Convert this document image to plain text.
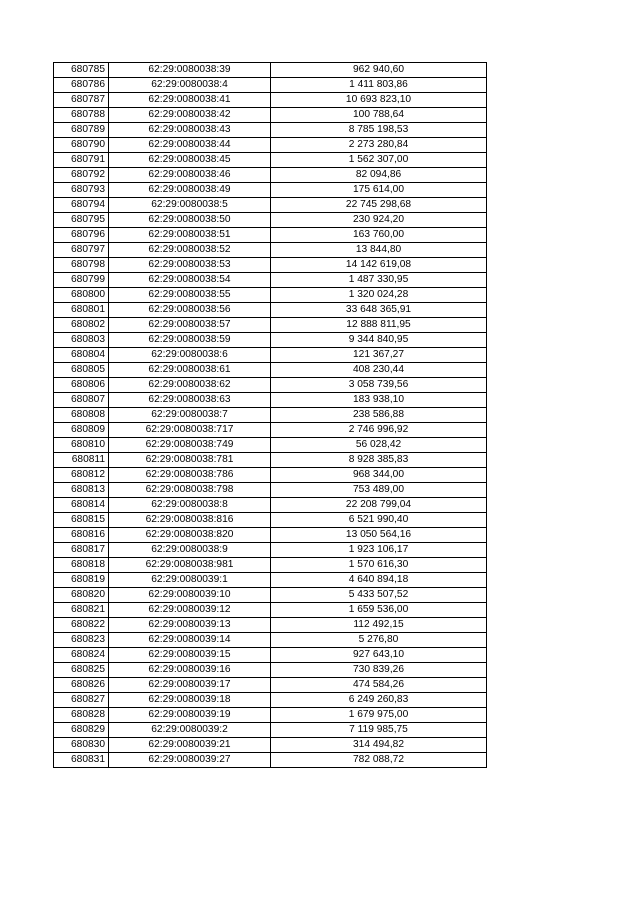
680785	62:29:0080038:39	962 940,60
680786	62:29:0080038:4	1 411 803,86
680787	62:29:0080038:41	10 693 823,10
680788	62:29:0080038:42	100 788,64
680789	62:29:0080038:43	8 785 198,53
680790	62:29:0080038:44	2 273 280,84
680791	62:29:0080038:45	1 562 307,00
680792	62:29:0080038:46	82 094,86
680793	62:29:0080038:49	175 614,00
680794	62:29:0080038:5	22 745 298,68
680795	62:29:0080038:50	230 924,20
680796	62:29:0080038:51	163 760,00
680797	62:29:0080038:52	13 844,80
680798	62:29:0080038:53	14 142 619,08
680799	62:29:0080038:54	1 487 330,95
680800	62:29:0080038:55	1 320 024,28
680801	62:29:0080038:56	33 648 365,91
680802	62:29:0080038:57	12 888 811,95
680803	62:29:0080038:59	9 344 840,95
680804	62:29:0080038:6	121 367,27
680805	62:29:0080038:61	408 230,44
680806	62:29:0080038:62	3 058 739,56
680807	62:29:0080038:63	183 938,10
680808	62:29:0080038:7	238 586,88
680809	62:29:0080038:717	2 746 996,92
680810	62:29:0080038:749	56 028,42
680811	62:29:0080038:781	8 928 385,83
680812	62:29:0080038:786	968 344,00
680813	62:29:0080038:798	753 489,00
680814	62:29:0080038:8	22 208 799,04
680815	62:29:0080038:816	6 521 990,40
680816	62:29:0080038:820	13 050 564,16
680817	62:29:0080038:9	1 923 106,17
680818	62:29:0080038:981	1 570 616,30
680819	62:29:0080039:1	4 640 894,18
680820	62:29:0080039:10	5 433 507,52
680821	62:29:0080039:12	1 659 536,00
680822	62:29:0080039:13	112 492,15
680823	62:29:0080039:14	5 276,80
680824	62:29:0080039:15	927 643,10
680825	62:29:0080039:16	730 839,26
680826	62:29:0080039:17	474 584,26
680827	62:29:0080039:18	6 249 260,83
680828	62:29:0080039:19	1 679 975,00
680829	62:29:0080039:2	7 119 985,75
680830	62:29:0080039:21	314 494,82
680831	62:29:0080039:27	782 088,72
